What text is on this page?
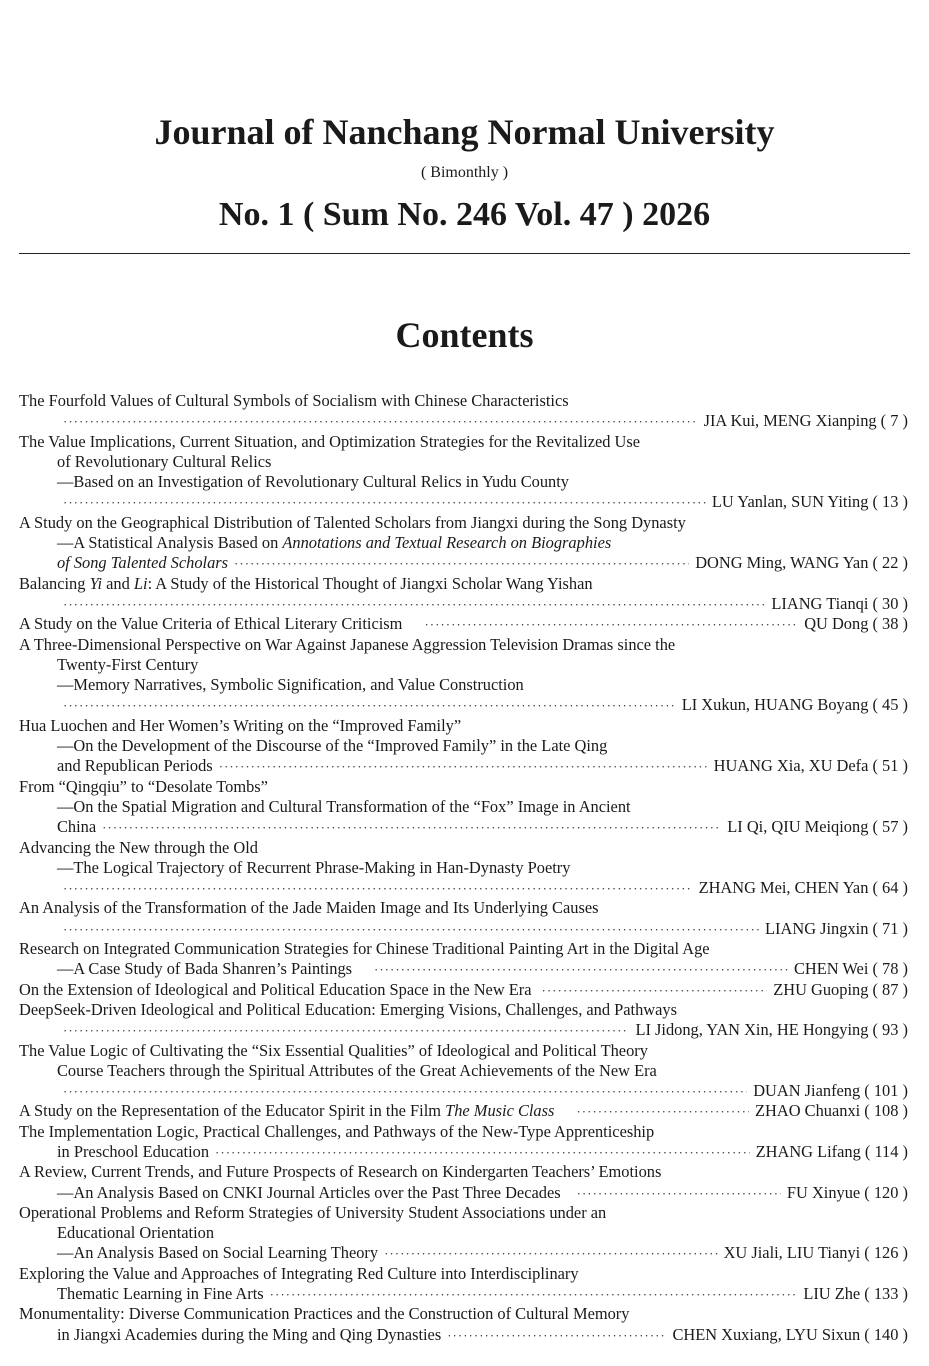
Journal of Nanchang Normal University
( Bimonthly )
No. 1 ( Sum No. 246 Vol. 47 ) 2026
Contents
The Fourfold Values of Cultural Symbols of Socialism with Chinese Characteristics
·····
JIA Kui, MENG Xianping ( 7 )
The Value Implications, Current Situation, and Optimization Strategies for the Revitalized Use
of Revolutionary Cultural Relics
—Based on an Investigation of Revolutionary Cultural Relics in Yudu County
·····
LU Yanlan, SUN Yiting ( 13 )
A Study on the Geographical Distribution of Talented Scholars from Jiangxi during the Song Dynasty
—A Statistical Analysis Based on Annotations and Textual Research on Biographies
of Song Talented Scholars ·····	DONG Ming, WANG Yan ( 22 )
Balancing Yi and Li: A Study of the Historical Thought of Jiangxi Scholar Wang Yishan
·····
LIANG Tianqi ( 30 )
A Study on the Value Criteria of Ethical Literary Criticism ·····	QU Dong ( 38 )
A Three-Dimensional Perspective on War Against Japanese Aggression Television Dramas since the
Twenty-First Century
—Memory Narratives, Symbolic Signification, and Value Construction
·····
LI Xukun, HUANG Boyang ( 45 )
Hua Luochen and Her Women’s Writing on the “Improved Family”
—On the Development of the Discourse of the “Improved Family” in the Late Qing
and Republican Periods ·····	HUANG Xia, XU Defa ( 51 )
From “Qingqiu” to “Desolate Tombs”
—On the Spatial Migration and Cultural Transformation of the “Fox” Image in Ancient
China ·····	LI Qi, QIU Meiqiong ( 57 )
Advancing the New through the Old
—The Logical Trajectory of Recurrent Phrase-Making in Han-Dynasty Poetry
·····
ZHANG Mei, CHEN Yan ( 64 )
An Analysis of the Transformation of the Jade Maiden Image and Its Underlying Causes
·····
LIANG Jingxin ( 71 )
Research on Integrated Communication Strategies for Chinese Traditional Painting Art in the Digital Age
—A Case Study of Bada Shanren’s Paintings ·····	CHEN Wei ( 78 )
On the Extension of Ideological and Political Education Space in the New Era ·····	ZHU Guoping ( 87 )
DeepSeek-Driven Ideological and Political Education: Emerging Visions, Challenges, and Pathways
·····
LI Jidong, YAN Xin, HE Hongying ( 93 )
The Value Logic of Cultivating the “Six Essential Qualities” of Ideological and Political Theory
Course Teachers through the Spiritual Attributes of the Great Achievements of the New Era
·····
DUAN Jianfeng ( 101 )
A Study on the Representation of the Educator Spirit in the Film The Music Class ·····	ZHAO Chuanxi ( 108 )
The Implementation Logic, Practical Challenges, and Pathways of the New-Type Apprenticeship
in Preschool Education ·····	ZHANG Lifang ( 114 )
A Review, Current Trends, and Future Prospects of Research on Kindergarten Teachers’ Emotions
—An Analysis Based on CNKI Journal Articles over the Past Three Decades ·····	FU Xinyue ( 120 )
Operational Problems and Reform Strategies of University Student Associations under an
Educational Orientation
—An Analysis Based on Social Learning Theory ·····	XU Jiali, LIU Tianyi ( 126 )
Exploring the Value and Approaches of Integrating Red Culture into Interdisciplinary
Thematic Learning in Fine Arts ·····	LIU Zhe ( 133 )
Monumentality: Diverse Communication Practices and the Construction of Cultural Memory
in Jiangxi Academies during the Ming and Qing Dynasties ·····	CHEN Xuxiang, LYU Sixun ( 140 )
